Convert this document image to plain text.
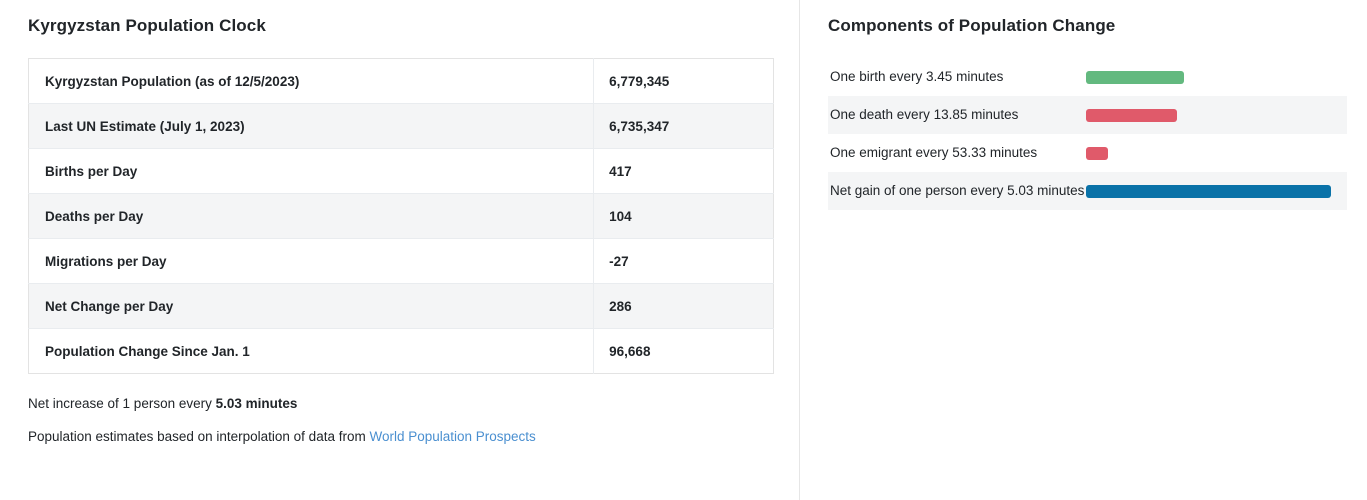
Kyrgyzstan Population Clock
Kyrgyzstan Population (as of 12/5/2023)	6,779,345
Last UN Estimate (July 1, 2023)	6,735,347
Births per Day	417
Deaths per Day	104
Migrations per Day	-27
Net Change per Day	286
Population Change Since Jan. 1	96,668
Net increase of 1 person every 5.03 minutes
Population estimates based on interpolation of data from World Population Prospects
Components of Population Change
One birth every 3.45 minutes
One death every 13.85 minutes
One emigrant every 53.33 minutes
Net gain of one person every 5.03 minutes
